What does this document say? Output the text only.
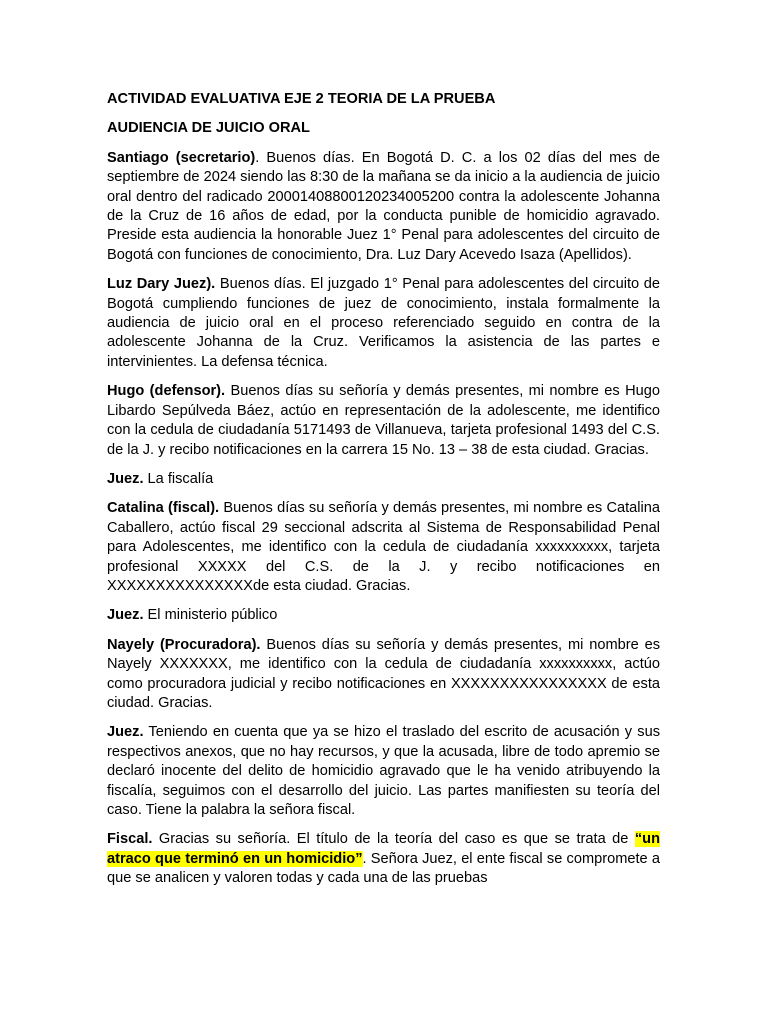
ACTIVIDAD EVALUATIVA EJE 2 TEORIA DE LA PRUEBA

AUDIENCIA DE JUICIO ORAL

Santiago (secretario). Buenos días. En Bogotá D. C. a los 02 días del mes de septiembre de 2024 siendo las 8:30 de la mañana se da inicio a la audiencia de juicio oral dentro del radicado 20001408800120234005200 contra la adolescente Johanna de la Cruz de 16 años de edad, por la conducta punible de homicidio agravado. Preside esta audiencia la honorable Juez 1° Penal para adolescentes del circuito de Bogotá con funciones de conocimiento, Dra. Luz Dary Acevedo Isaza (Apellidos).

Luz Dary Juez). Buenos días. El juzgado 1° Penal para adolescentes del circuito de Bogotá cumpliendo funciones de juez de conocimiento, instala formalmente la audiencia de juicio oral en el proceso referenciado seguido en contra de la adolescente Johanna de la Cruz. Verificamos la asistencia de las partes e intervinientes. La defensa técnica.

Hugo (defensor). Buenos días su señoría y demás presentes, mi nombre es Hugo Libardo Sepúlveda Báez, actúo en representación de la adolescente, me identifico con la cedula de ciudadanía 5171493 de Villanueva, tarjeta profesional 1493 del C.S. de la J. y recibo notificaciones en la carrera 15 No. 13 – 38 de esta ciudad. Gracias.

Juez. La fiscalía

Catalina (fiscal). Buenos días su señoría y demás presentes, mi nombre es Catalina Caballero, actúo fiscal 29 seccional adscrita al Sistema de Responsabilidad Penal para Adolescentes, me identifico con la cedula de ciudadanía xxxxxxxxxx, tarjeta profesional XXXXX del C.S. de la J. y recibo notificaciones en XXXXXXXXXXXXXXXde esta ciudad. Gracias.

Juez. El ministerio público

Nayely (Procuradora). Buenos días su señoría y demás presentes, mi nombre es Nayely XXXXXXX, me identifico con la cedula de ciudadanía xxxxxxxxxx, actúo como procuradora judicial y recibo notificaciones en XXXXXXXXXXXXXXXX de esta ciudad. Gracias.

Juez. Teniendo en cuenta que ya se hizo el traslado del escrito de acusación y sus respectivos anexos, que no hay recursos, y que la acusada, libre de todo apremio se declaró inocente del delito de homicidio agravado que le ha venido atribuyendo la fiscalía, seguimos con el desarrollo del juicio. Las partes manifiesten su teoría del caso. Tiene la palabra la señora fiscal.

Fiscal. Gracias su señoría. El título de la teoría del caso es que se trata de “un atraco que terminó en un homicidio”. Señora Juez, el ente fiscal se compromete a que se analicen y valoren todas y cada una de las pruebas
